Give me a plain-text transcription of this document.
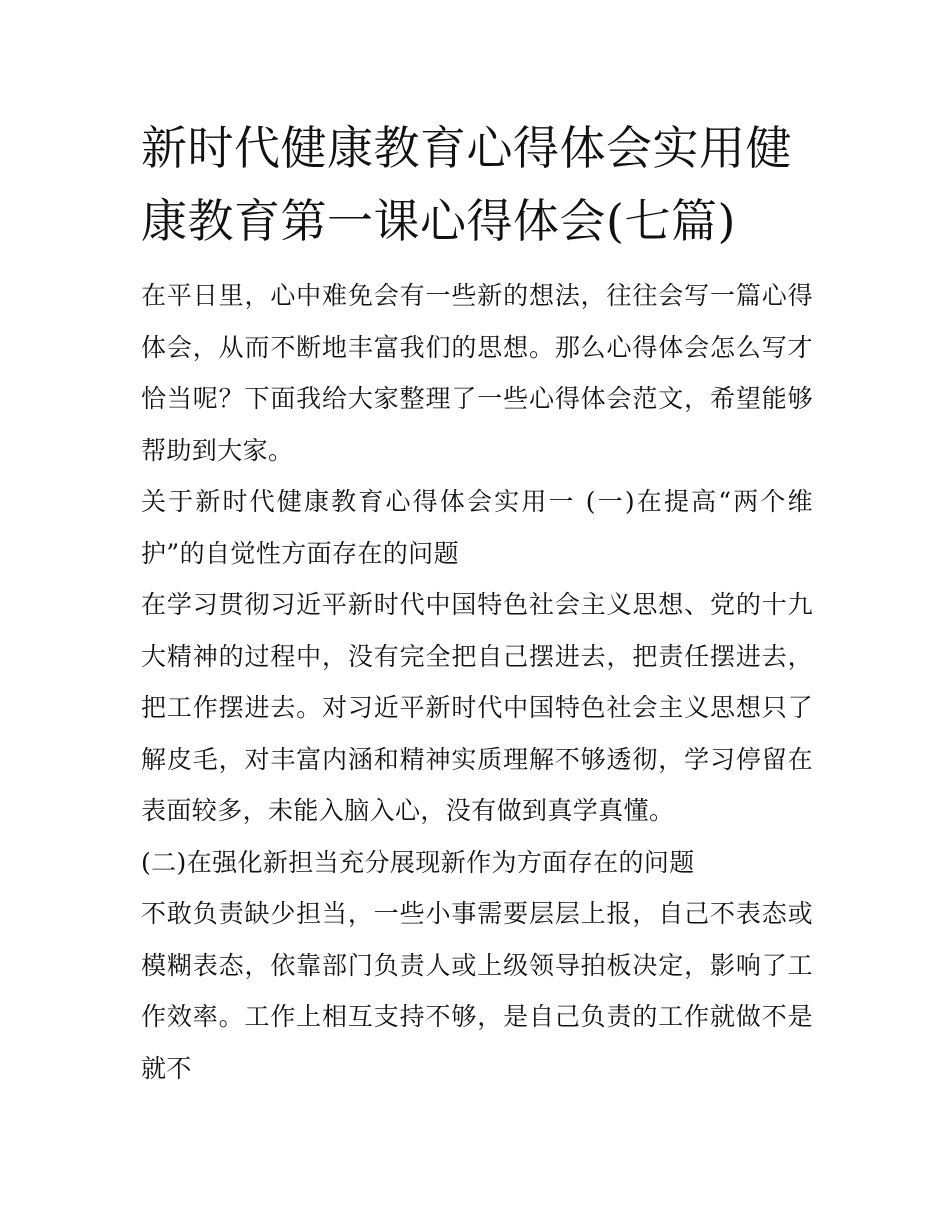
新时代健康教育心得体会实用健康教育第一课心得体会(七篇)

在平日里，心中难免会有一些新的想法，往往会写一篇心得体会，从而不断地丰富我们的思想。那么心得体会怎么写才恰当呢？下面我给大家整理了一些心得体会范文，希望能够帮助到大家。

关于新时代健康教育心得体会实用一 (一)在提高“两个维护”的自觉性方面存在的问题

在学习贯彻习近平新时代中国特色社会主义思想、党的十九大精神的过程中，没有完全把自己摆进去，把责任摆进去，把工作摆进去。对习近平新时代中国特色社会主义思想只了解皮毛，对丰富内涵和精神实质理解不够透彻，学习停留在表面较多，未能入脑入心，没有做到真学真懂。

(二)在强化新担当充分展现新作为方面存在的问题

不敢负责缺少担当，一些小事需要层层上报，自己不表态或模糊表态，依靠部门负责人或上级领导拍板决定，影响了工作效率。工作上相互支持不够，是自己负责的工作就做不是就不
